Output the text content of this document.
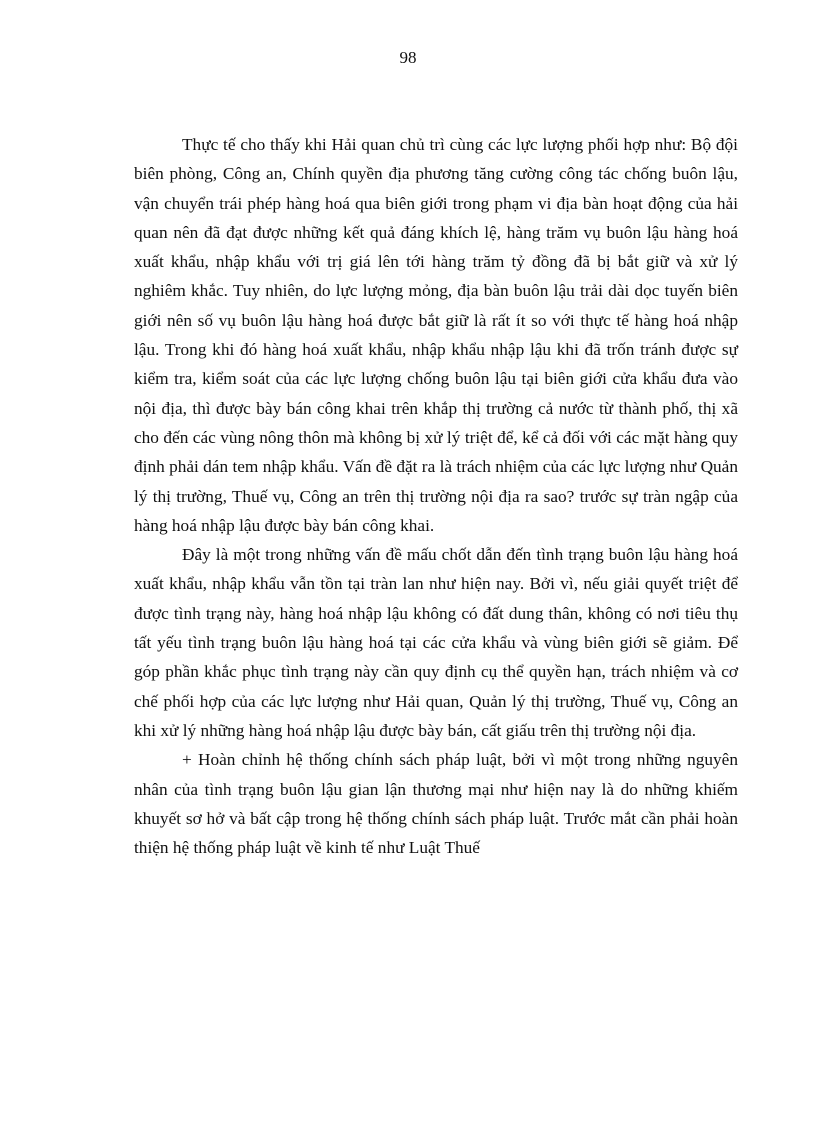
98

Thực tế cho thấy khi Hải quan chủ trì cùng các lực lượng phối hợp như: Bộ đội biên phòng, Công an, Chính quyền địa phương tăng cường công tác chống buôn lậu, vận chuyển trái phép hàng hoá qua biên giới trong phạm vi địa bàn hoạt động của hải quan nên đã đạt được những kết quả đáng khích lệ, hàng trăm vụ buôn lậu hàng hoá xuất khẩu, nhập khẩu với trị giá lên tới hàng trăm tỷ đồng đã bị bắt giữ và xử lý nghiêm khắc. Tuy nhiên, do lực lượng mỏng, địa bàn buôn lậu trải dài dọc tuyến biên giới nên số vụ buôn lậu hàng hoá được bắt giữ là rất ít so với thực tế hàng hoá nhập lậu. Trong khi đó hàng hoá xuất khẩu, nhập khẩu nhập lậu khi đã trốn tránh được sự kiểm tra, kiểm soát của các lực lượng chống buôn lậu tại biên giới cửa khẩu đưa vào nội địa, thì được bày bán công khai trên khắp thị trường cả nước từ thành phố, thị xã cho đến các vùng nông thôn mà không bị xử lý triệt để, kể cả đối với các mặt hàng quy định phải dán tem nhập khẩu. Vấn đề đặt ra là trách nhiệm của các lực lượng như Quản lý thị trường, Thuế vụ, Công an trên thị trường nội địa ra sao? trước sự tràn ngập của hàng hoá nhập lậu được bày bán công khai.

Đây là một trong những vấn đề mấu chốt dẫn đến tình trạng buôn lậu hàng hoá xuất khẩu, nhập khẩu vẫn tồn tại tràn lan như hiện nay. Bởi vì, nếu giải quyết triệt để được tình trạng này, hàng hoá nhập lậu không có đất dung thân, không có nơi tiêu thụ tất yếu tình trạng buôn lậu hàng hoá tại các cửa khẩu và vùng biên giới sẽ giảm. Để góp phần khắc phục tình trạng này cần quy định cụ thể quyền hạn, trách nhiệm và cơ chế phối hợp của các lực lượng như Hải quan, Quản lý thị trường, Thuế vụ, Công an khi xử lý những hàng hoá nhập lậu được bày bán, cất giấu trên thị trường nội địa.

+ Hoàn chỉnh hệ thống chính sách pháp luật, bởi vì một trong những nguyên nhân của tình trạng buôn lậu gian lận thương mại như hiện nay là do những khiếm khuyết sơ hở và bất cập trong hệ thống chính sách pháp luật. Trước mắt cần phải hoàn thiện hệ thống pháp luật về kinh tế như Luật Thuế
